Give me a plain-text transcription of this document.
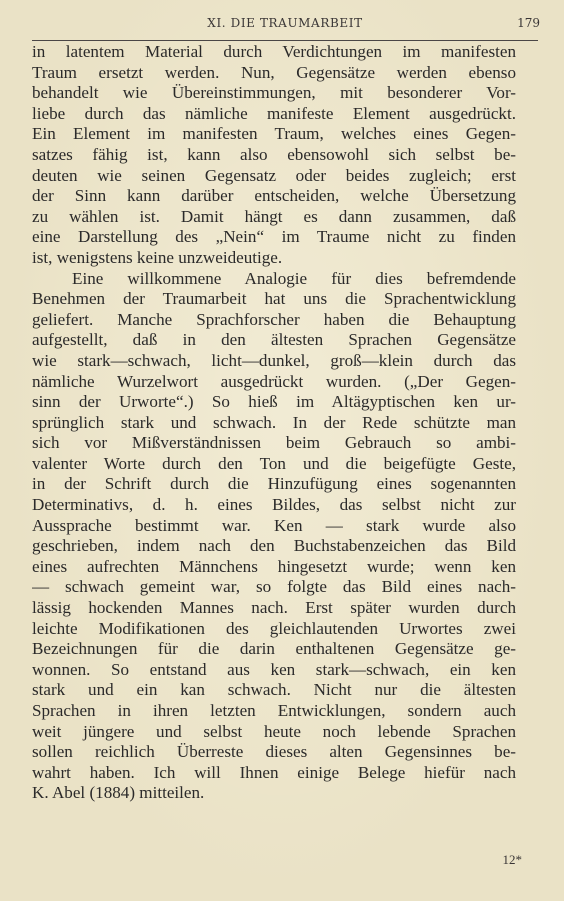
XI. DIE TRAUMARBEIT	179
in latentem Material durch Verdichtungen im manifesten
Traum ersetzt werden. Nun, Gegensätze werden ebenso
behandelt wie Übereinstimmungen, mit besonderer Vor-
liebe durch das nämliche manifeste Element ausgedrückt.
Ein Element im manifesten Traum, welches eines Gegen-
satzes fähig ist, kann also ebensowohl sich selbst be-
deuten wie seinen Gegensatz oder beides zugleich; erst
der Sinn kann darüber entscheiden, welche Übersetzung
zu wählen ist. Damit hängt es dann zusammen, daß
eine Darstellung des „Nein“ im Traume nicht zu finden
ist, wenigstens keine unzweideutige.
Eine willkommene Analogie für dies befremdende
Benehmen der Traumarbeit hat uns die Sprachentwicklung
geliefert. Manche Sprachforscher haben die Behauptung
aufgestellt, daß in den ältesten Sprachen Gegensätze
wie stark—schwach, licht—dunkel, groß—klein durch das
nämliche Wurzelwort ausgedrückt wurden. („Der Gegen-
sinn der Urworte“.) So hieß im Altägyptischen ken ur-
sprünglich stark und schwach. In der Rede schützte man
sich vor Mißverständnissen beim Gebrauch so ambi-
valenter Worte durch den Ton und die beigefügte Geste,
in der Schrift durch die Hinzufügung eines sogenannten
Determinativs, d. h. eines Bildes, das selbst nicht zur
Aussprache bestimmt war. Ken — stark wurde also
geschrieben, indem nach den Buchstabenzeichen das Bild
eines aufrechten Männchens hingesetzt wurde; wenn ken
— schwach gemeint war, so folgte das Bild eines nach-
lässig hockenden Mannes nach. Erst später wurden durch
leichte Modifikationen des gleichlautenden Urwortes zwei
Bezeichnungen für die darin enthaltenen Gegensätze ge-
wonnen. So entstand aus ken stark—schwach, ein ken
stark und ein kan schwach. Nicht nur die ältesten
Sprachen in ihren letzten Entwicklungen, sondern auch
weit jüngere und selbst heute noch lebende Sprachen
sollen reichlich Überreste dieses alten Gegensinnes be-
wahrt haben. Ich will Ihnen einige Belege hiefür nach
K. Abel (1884) mitteilen.
12*
